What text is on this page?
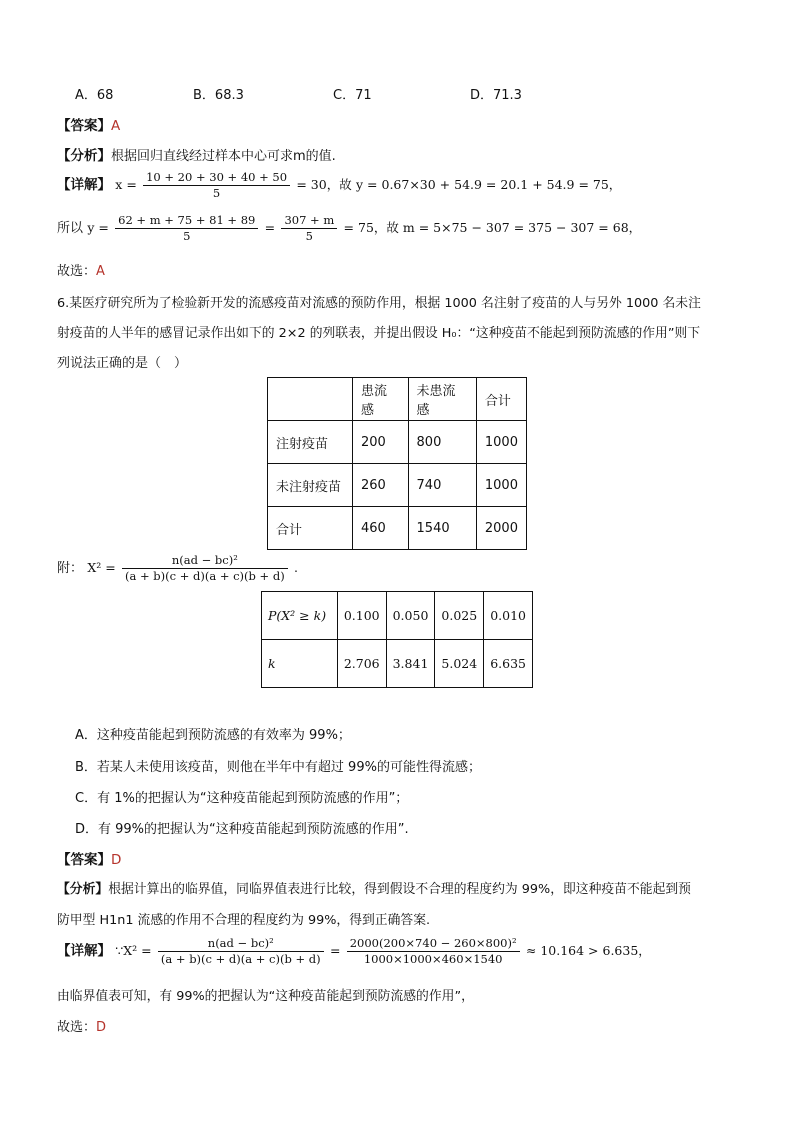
A．68	B．68.3	C．71	D．71.3
【答案】A
【分析】根据回归直线经过样本中心可求m的值.
【详解】 $x = \frac{10 + 20 + 30 + 40 + 50}{5} = 30$，故 y = 0.67×30 + 54.9 = 20.1 + 54.9 = 75，
所以 $y = \frac{62 + m + 75 + 81 + 89}{5} = \frac{307 + m}{5} = 75$，故 m = 5×75 − 307 = 375 − 307 = 68，
故选：A
6.某医疗研究所为了检验新开发的流感疫苗对流感的预防作用，根据 1000 名注射了疫苗的人与另外 1000 名未注
射疫苗的人半年的感冒记录作出如下的 2×2 的列联表，并提出假设 H₀：“这种疫苗不能起到预防流感的作用”则下
列说法正确的是（　）
	患流感	未患流感	合计
注射疫苗	200	800	1000
未注射疫苗	260	740	1000
合计	460	1540	2000
附： $X^2 = \frac{\text{n(ad − bc)²}}{(a + b)(c + d)(a + c)(b + d)}$ .
P(X² ≥ k)	0.100	0.050	0.025	0.010
k	2.706	3.841	5.024	6.635
A．这种疫苗能起到预防流感的有效率为 99%；
B．若某人未使用该疫苗，则他在半年中有超过 99%的可能性得流感；
C．有 1%的把握认为“这种疫苗能起到预防流感的作用”；
D．有 99%的把握认为“这种疫苗能起到预防流感的作用”.
【答案】D
【分析】根据计算出的临界值，同临界值表进行比较，得到假设不合理的程度约为 99%，即这种疫苗不能起到预
防甲型 H1n1 流感的作用不合理的程度约为 99%，得到正确答案.
【详解】 ∵X² = $\frac{\text{n(ad − bc)²}}{(a + b)(c + d)(a + c)(b + d)} = \frac{\text{2000(200×740 − 260×800)²}}{1000\times 1000\times 460\times 1540} \approx 10.164 > 6.635$，
由临界值表可知，有 99%的把握认为“这种疫苗能起到预防流感的作用”，
故选：D
